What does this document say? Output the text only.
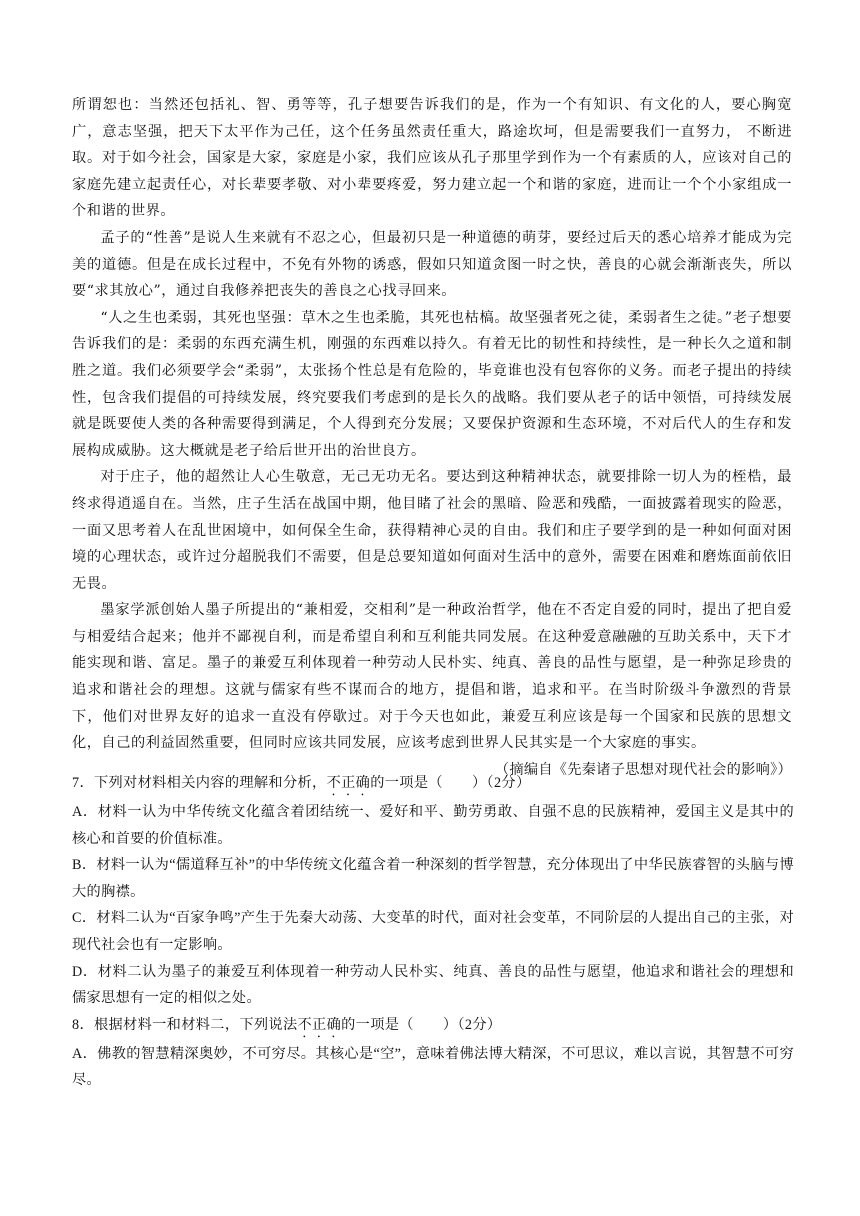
所谓恕也：当然还包括礼、智、勇等等，孔子想要告诉我们的是，作为一个有知识、有文化的人，要心胸宽广，意志坚强，把天下太平作为己任，这个任务虽然责任重大，路途坎坷，但是需要我们一直努力， 不断进取。对于如今社会，国家是大家，家庭是小家，我们应该从孔子那里学到作为一个有素质的人，应该对自己的家庭先建立起责任心，对长辈要孝敬、对小辈要疼爱，努力建立起一个和谐的家庭，进而让一个个小家组成一个和谐的世界。

孟子的“性善”是说人生来就有不忍之心，但最初只是一种道德的萌芽，要经过后天的悉心培养才能成为完美的道德。但是在成长过程中，不免有外物的诱惑，假如只知道贪图一时之快，善良的心就会渐渐丧失，所以要“求其放心”，通过自我修养把丧失的善良之心找寻回来。

“人之生也柔弱，其死也坚强：草木之生也柔脆，其死也枯槁。故坚强者死之徒，柔弱者生之徒。”老子想要告诉我们的是：柔弱的东西充满生机，刚强的东西难以持久。有着无比的韧性和持续性，是一种长久之道和制胜之道。我们必须要学会“柔弱”，太张扬个性总是有危险的，毕竟谁也没有包容你的义务。而老子提出的持续性，包含我们提倡的可持续发展，终究要我们考虑到的是长久的战略。我们要从老子的话中领悟，可持续发展就是既要使人类的各种需要得到满足，个人得到充分发展；又要保护资源和生态环境，不对后代人的生存和发展构成威胁。这大概就是老子给后世开出的治世良方。

对于庄子，他的超然让人心生敬意，无己无功无名。要达到这种精神状态，就要排除一切人为的桎梏，最终求得逍遥自在。当然，庄子生活在战国中期，他目睹了社会的黑暗、险恶和残酷，一面披露着现实的险恶，一面又思考着人在乱世困境中，如何保全生命，获得精神心灵的自由。我们和庄子要学到的是一种如何面对困境的心理状态，或许过分超脱我们不需要，但是总要知道如何面对生活中的意外，需要在困难和磨炼面前依旧无畏。

墨家学派创始人墨子所提出的“兼相爱，交相利”是一种政治哲学，他在不否定自爱的同时，提出了把自爱与相爱结合起来；他并不鄙视自利，而是希望自利和互利能共同发展。在这种爱意融融的互助关系中，天下才能实现和谐、富足。墨子的兼爱互利体现着一种劳动人民朴实、纯真、善良的品性与愿望，是一种弥足珍贵的追求和谐社会的理想。这就与儒家有些不谋而合的地方，提倡和谐，追求和平。在当时阶级斗争激烈的背景下，他们对世界友好的追求一直没有停歇过。对于今天也如此，兼爱互利应该是每一个国家和民族的思想文化，自己的利益固然重要，但同时应该共同发展，应该考虑到世界人民其实是一个大家庭的事实。

（摘编自《先秦诸子思想对现代社会的影响》）

7．下列对材料相关内容的理解和分析，不正确的一项是（　　）（2分）

A．材料一认为中华传统文化蕴含着团结统一、爱好和平、勤劳勇敢、自强不息的民族精神，爱国主义是其中的核心和首要的价值标准。

B．材料一认为“儒道释互补”的中华传统文化蕴含着一种深刻的哲学智慧，充分体现出了中华民族睿智的头脑与博大的胸襟。

C．材料二认为“百家争鸣”产生于先秦大动荡、大变革的时代，面对社会变革，不同阶层的人提出自己的主张，对现代社会也有一定影响。

D．材料二认为墨子的兼爱互利体现着一种劳动人民朴实、纯真、善良的品性与愿望，他追求和谐社会的理想和儒家思想有一定的相似之处。

8．根据材料一和材料二，下列说法不正确的一项是（　　）（2分）

A．佛教的智慧精深奥妙，不可穷尽。其核心是“空”，意味着佛法博大精深，不可思议，难以言说，其智慧不可穷尽。
